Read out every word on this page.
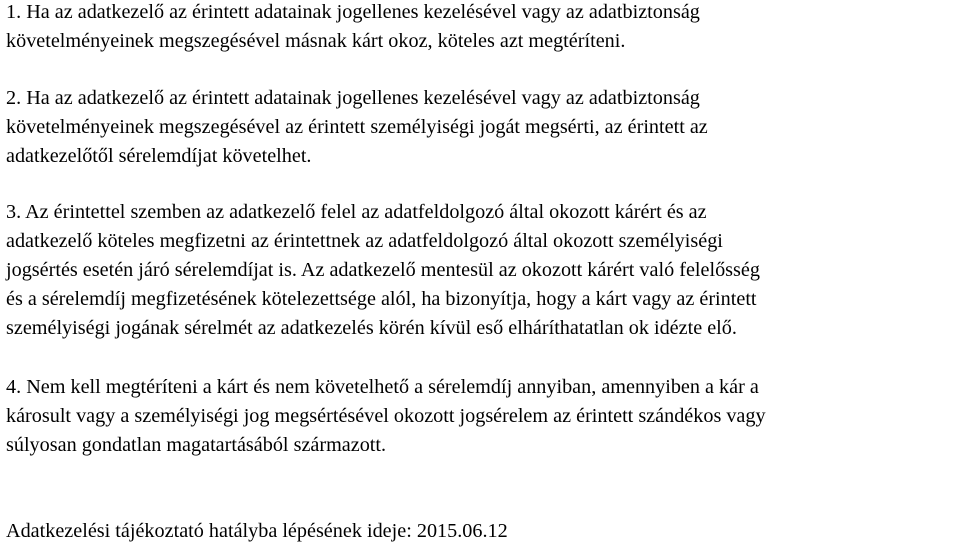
1. Ha az adatkezelő az érintett adatainak jogellenes kezelésével vagy az adatbiztonság
követelményeinek megszegésével másnak kárt okoz, köteles azt megtéríteni.

2. Ha az adatkezelő az érintett adatainak jogellenes kezelésével vagy az adatbiztonság
követelményeinek megszegésével az érintett személyiségi jogát megsérti, az érintett az
adatkezelőtől sérelemdíjat követelhet.

3. Az érintettel szemben az adatkezelő felel az adatfeldolgozó által okozott kárért és az
adatkezelő köteles megfizetni az érintettnek az adatfeldolgozó által okozott személyiségi
jogsértés esetén járó sérelemdíjat is. Az adatkezelő mentesül az okozott kárért való felelősség
és a sérelemdíj megfizetésének kötelezettsége alól, ha bizonyítja, hogy a kárt vagy az érintett
személyiségi jogának sérelmét az adatkezelés körén kívül eső elháríthatatlan ok idézte elő.

4. Nem kell megtéríteni a kárt és nem követelhető a sérelemdíj annyiban, amennyiben a kár a
károsult vagy a személyiségi jog megsértésével okozott jogsérelem az érintett szándékos vagy
súlyosan gondatlan magatartásából származott.

Adatkezelési tájékoztató hatályba lépésének ideje: 2015.06.12
